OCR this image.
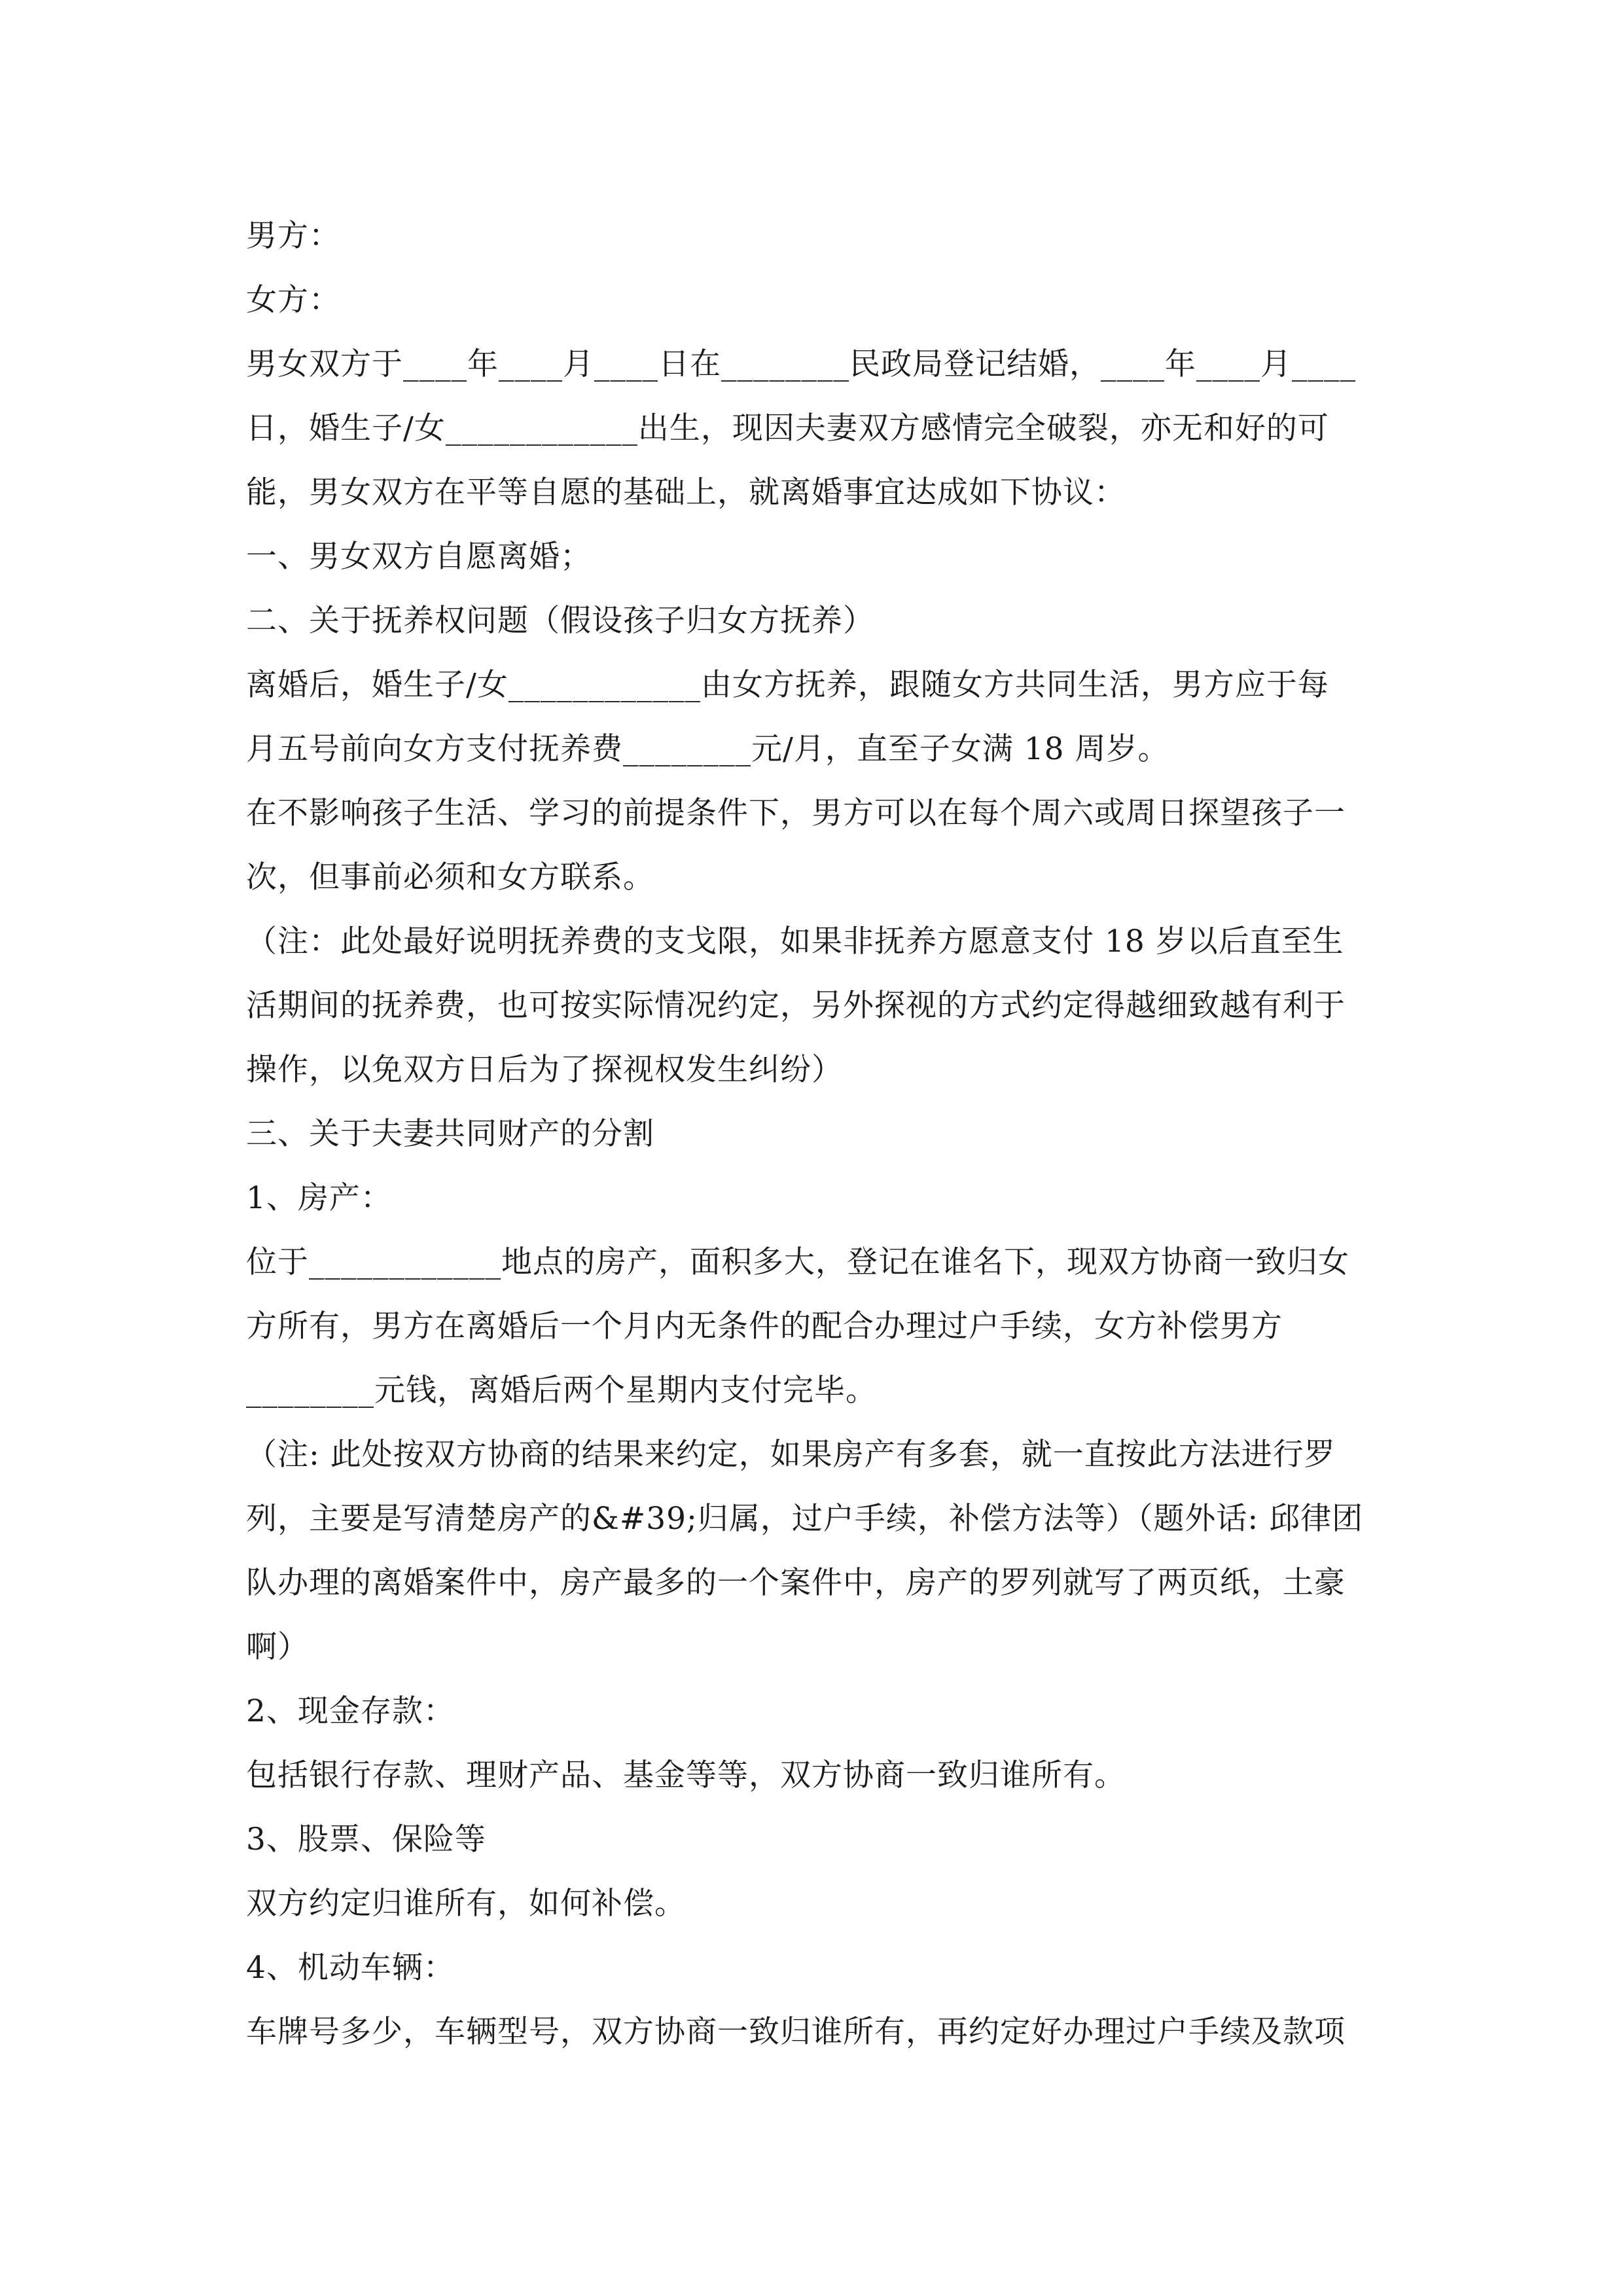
男方：
女方：
男女双方于____年____月____日在________民政局登记结婚，____年____月____
日，婚生子/女____________出生，现因夫妻双方感情完全破裂，亦无和好的可
能，男女双方在平等自愿的基础上，就离婚事宜达成如下协议：
一、男女双方自愿离婚；
二、关于抚养权问题（假设孩子归女方抚养）
离婚后，婚生子/女____________由女方抚养，跟随女方共同生活，男方应于每
月五号前向女方支付抚养费________元/月，直至子女满 18 周岁。
在不影响孩子生活、学习的前提条件下，男方可以在每个周六或周日探望孩子一
次，但事前必须和女方联系。
（注：此处最好说明抚养费的支戈限，如果非抚养方愿意支付 18 岁以后直至生
活期间的抚养费，也可按实际情况约定，另外探视的方式约定得越细致越有利于
操作，以免双方日后为了探视权发生纠纷）
三、关于夫妻共同财产的分割
1、房产：
位于____________地点的房产，面积多大，登记在谁名下，现双方协商一致归女
方所有，男方在离婚后一个月内无条件的配合办理过户手续，女方补偿男方
________元钱，离婚后两个星期内支付完毕。
（注: 此处按双方协商的结果来约定，如果房产有多套，就一直按此方法进行罗
列，主要是写清楚房产的&#39;归属，过户手续，补偿方法等）（题外话: 邱律团
队办理的离婚案件中，房产最多的一个案件中，房产的罗列就写了两页纸，土豪
啊）
2、现金存款：
包括银行存款、理财产品、基金等等，双方协商一致归谁所有。
3、股票、保险等
双方约定归谁所有，如何补偿。
4、机动车辆：
车牌号多少，车辆型号，双方协商一致归谁所有，再约定好办理过户手续及款项
